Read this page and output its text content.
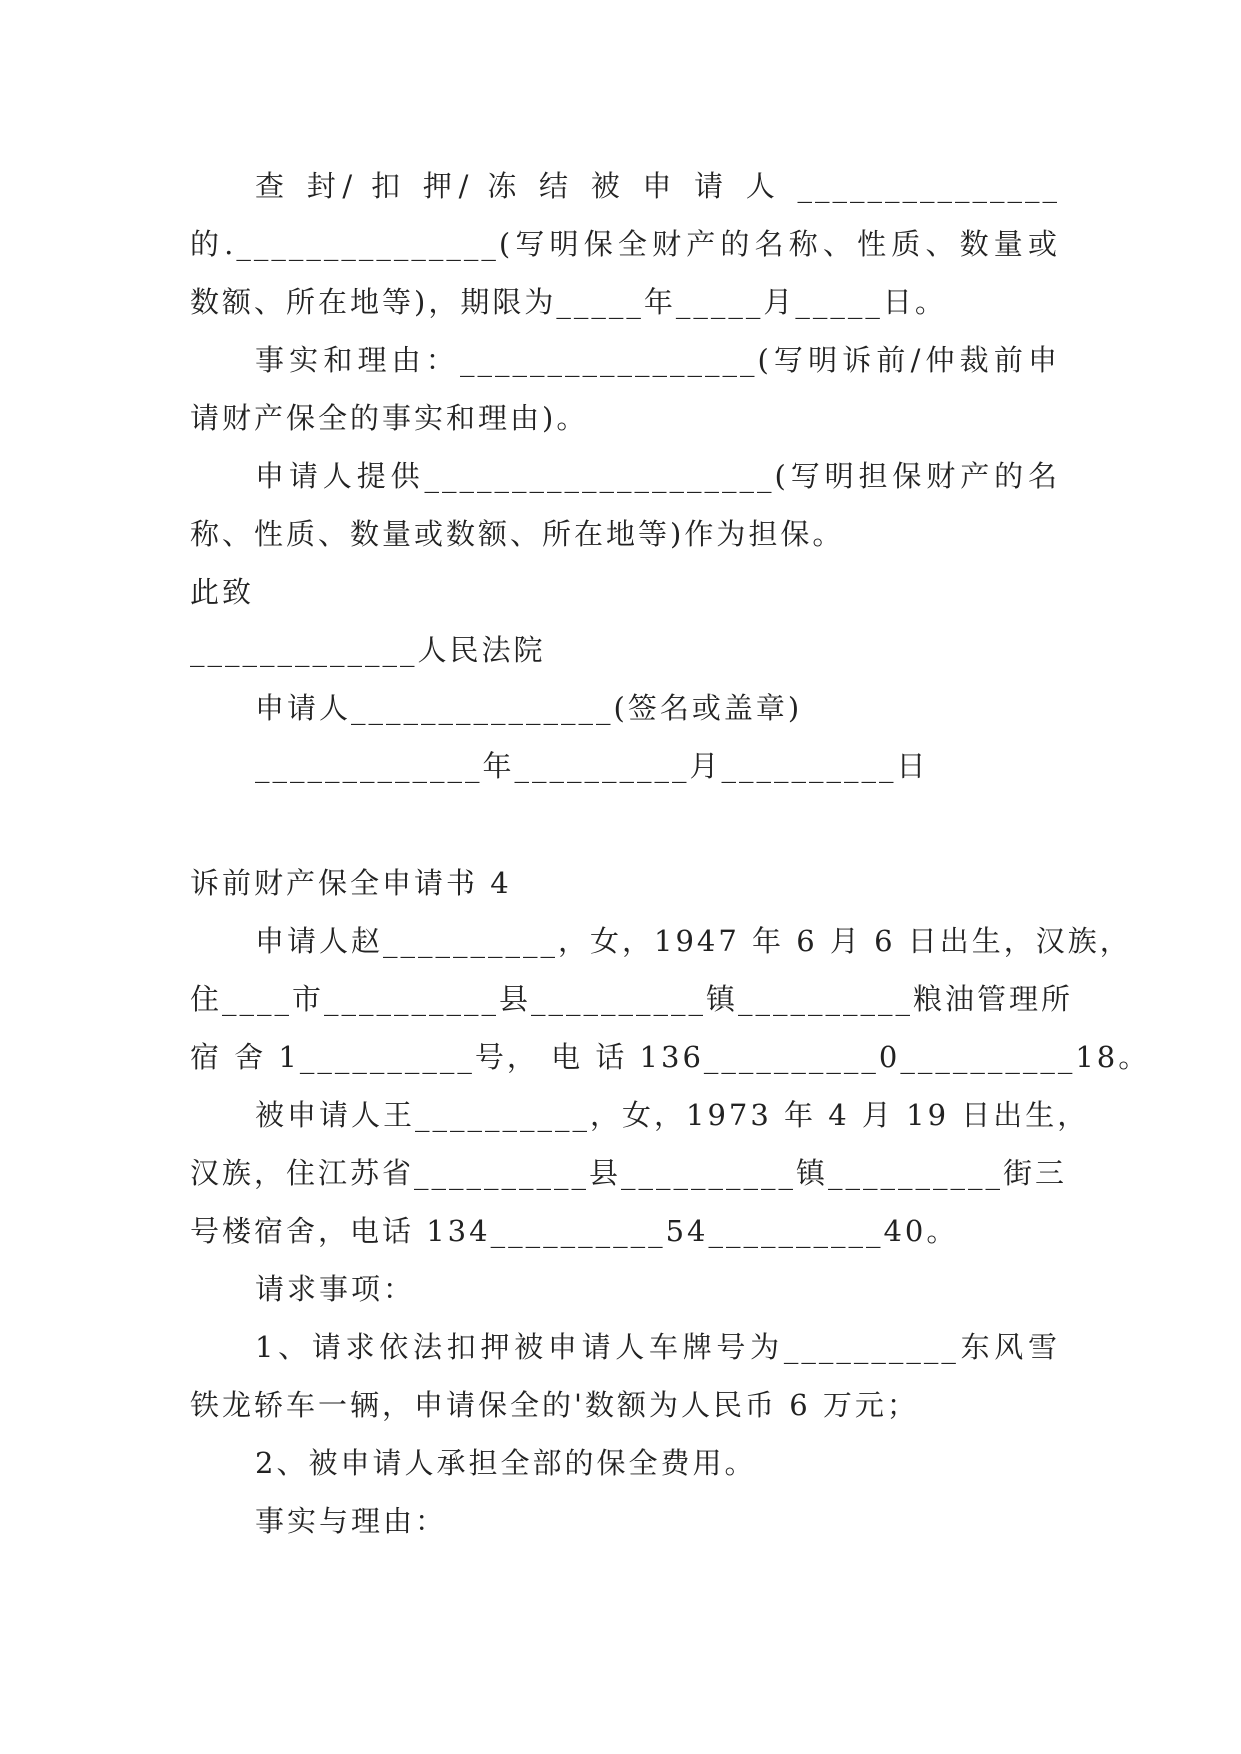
查 封/ 扣 押/ 冻 结 被 申 请 人 _______________
的._______________(写明保全财产的名称、性质、数量或
数额、所在地等)，期限为_____年_____月_____日。
事实和理由：_________________(写明诉前/仲裁前申
请财产保全的事实和理由)。
申请人提供____________________(写明担保财产的名
称、性质、数量或数额、所在地等)作为担保。
此致
_____________人民法院
申请人_______________(签名或盖章)
_____________年__________月__________日
诉前财产保全申请书 4
申请人赵__________，女，1947 年 6 月 6 日出生，汉族，
住____市__________县__________镇__________粮油管理所
宿 舍 1__________号， 电 话 136__________0__________18。
被申请人王__________，女，1973 年 4 月 19 日出生，
汉族，住江苏省__________县__________镇__________街三
号楼宿舍，电话 134__________54__________40。
请求事项：
1、请求依法扣押被申请人车牌号为__________东风雪
铁龙轿车一辆，申请保全的'数额为人民币 6 万元；
2、被申请人承担全部的保全费用。
事实与理由：
